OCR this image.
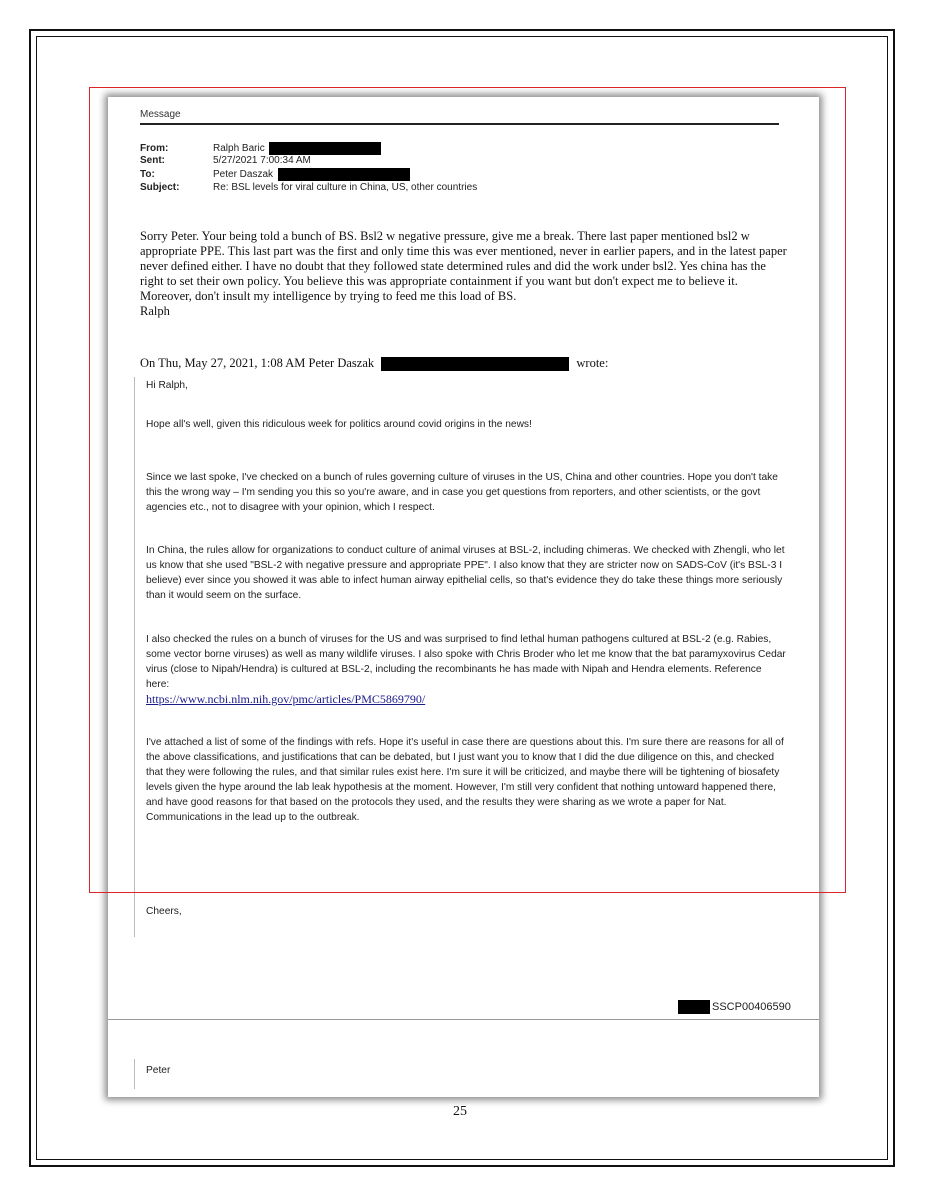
Message
From:	Ralph Baric
Sent:	5/27/2021 7:00:34 AM
To:	Peter Daszak
Subject:	Re: BSL levels for viral culture in China, US, other countries
Sorry Peter. Your being told a bunch of BS. Bsl2 w negative pressure, give me a break. There last paper mentioned bsl2 w appropriate PPE. This last part was the first and only time this was ever mentioned, never in earlier papers, and in the latest paper never defined either. I have no doubt that they followed state determined rules and did the work under bsl2. Yes china has the right to set their own policy. You believe this was appropriate containment if you want but don't expect me to believe it. Moreover, don't insult my intelligence by trying to feed me this load of BS.
Ralph
On Thu, May 27, 2021, 1:08 AM Peter Daszak	wrote:
Hi Ralph,
Hope all's well, given this ridiculous week for politics around covid origins in the news!
Since we last spoke, I've checked on a bunch of rules governing culture of viruses in the US, China and other countries. Hope you don't take this the wrong way – I'm sending you this so you're aware, and in case you get questions from reporters, and other scientists, or the govt agencies etc., not to disagree with your opinion, which I respect.
In China, the rules allow for organizations to conduct culture of animal viruses at BSL-2, including chimeras. We checked with Zhengli, who let us know that she used "BSL-2 with negative pressure and appropriate PPE". I also know that they are stricter now on SADS-CoV (it's BSL-3 I believe) ever since you showed it was able to infect human airway epithelial cells, so that's evidence they do take these things more seriously than it would seem on the surface.
I also checked the rules on a bunch of viruses for the US and was surprised to find lethal human pathogens cultured at BSL-2 (e.g. Rabies, some vector borne viruses) as well as many wildlife viruses. I also spoke with Chris Broder who let me know that the bat paramyxovirus Cedar virus (close to Nipah/Hendra) is cultured at BSL-2, including the recombinants he has made with Nipah and Hendra elements. Reference here:
https://www.ncbi.nlm.nih.gov/pmc/articles/PMC5869790/
I've attached a list of some of the findings with refs. Hope it's useful in case there are questions about this. I'm sure there are reasons for all of the above classifications, and justifications that can be debated, but I just want you to know that I did the due diligence on this, and checked that they were following the rules, and that similar rules exist here. I'm sure it will be criticized, and maybe there will be tightening of biosafety levels given the hype around the lab leak hypothesis at the moment. However, I'm still very confident that nothing untoward happened there, and have good reasons for that based on the protocols they used, and the results they were sharing as we wrote a paper for Nat. Communications in the lead up to the outbreak.
Cheers,
SSCP00406590
Peter
25
